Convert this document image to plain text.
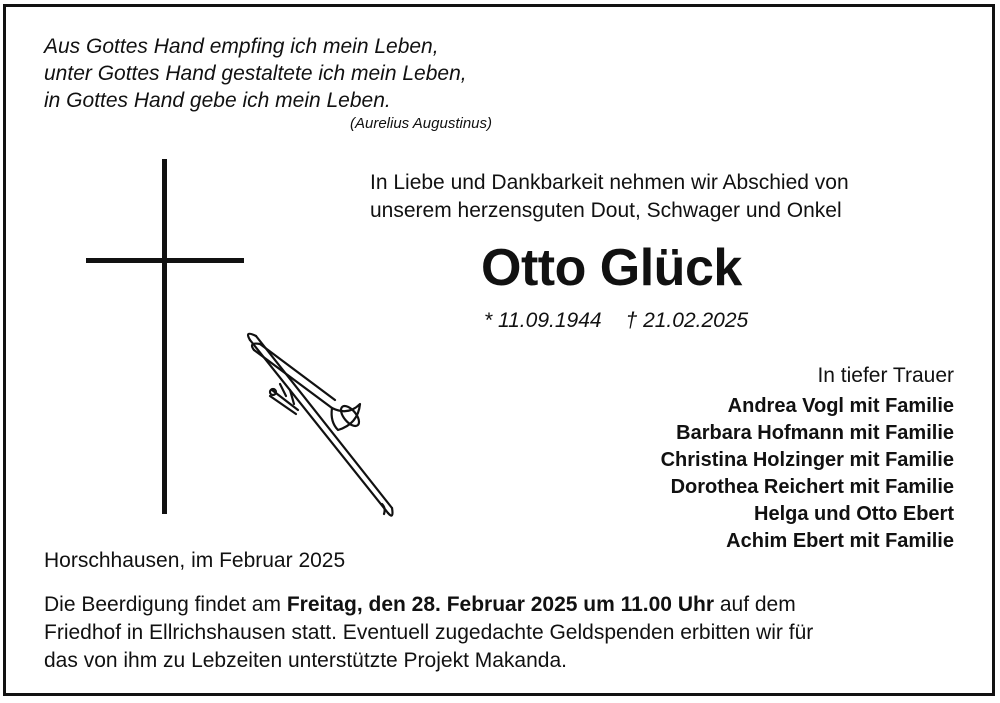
Aus Gottes Hand empfing ich mein Leben,
unter Gottes Hand gestaltete ich mein Leben,
in Gottes Hand gebe ich mein Leben.
(Aurelius Augustinus)
In Liebe und Dankbarkeit nehmen wir Abschied von
unserem herzensguten Dout, Schwager und Onkel
Otto Glück
* 11.09.1944 † 21.02.2025
In tiefer Trauer
Andrea Vogl mit Familie
Barbara Hofmann mit Familie
Christina Holzinger mit Familie
Dorothea Reichert mit Familie
Helga und Otto Ebert
Achim Ebert mit Familie
Horschhausen, im Februar 2025
Die Beerdigung findet am Freitag, den 28. Februar 2025 um 11.00 Uhr auf dem
Friedhof in Ellrichshausen statt. Eventuell zugedachte Geldspenden erbitten wir für
das von ihm zu Lebzeiten unterstützte Projekt Makanda.
